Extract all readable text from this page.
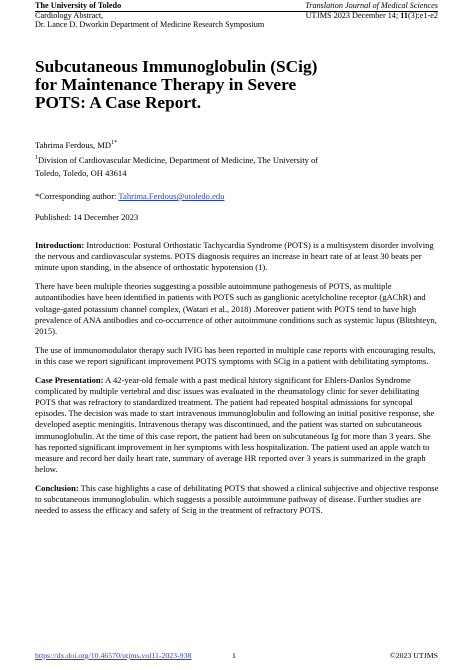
The University of Toledo
Cardiology Abstract,
Dr. Lance D. Dworkin Department of Medicine Research Symposium
Translation Journal of Medical Sciences
UTJMS 2023 December 14; 11(3):e1-e2
Subcutaneous Immunoglobulin (SCig) for Maintenance Therapy in Severe POTS: A Case Report.
Tahrima Ferdous, $MD^{1*}$

$^1$Division of Cardiovascular Medicine, Department of Medicine, The University of

Toledo, Toledo, OH 43614

*Corresponding author: Tahrima.Ferdous@utoledo.edu
Published: 14 December 2023

Introduction: Introduction: Postural Orthostatic Tachycardia Syndrome (POTS) is a multisystem disorder involving the nervous and cardiovascular systems. POTS diagnosis requires an increase in heart rate of at least 30 beats per minute upon standing, in the absence of orthostatic hypotension (1).

There have been multiple theories suggesting a possible autoimmune pathogenesis of POTS, as multiple autoantibodies have been identified in patients with POTS such as ganglionic acetylcholine receptor (gAChR) and voltage-gated potassium channel complex, (Watari et al., 2018) .Moreover patient with POTS tend to have high prevalence of ANA antibodies and co-occurrence of other autoimmune conditions such as systemic lupus (Blitshteyn, 2015).

The use of immunomodulator therapy such IVIG has been reported in multiple case reports with encouraging results, in this case we report significant improvement POTS symptoms with SCig in a patient with debilitating symptoms.

Case Presentation: A 42-year-old female with a past medical history significant for Ehlers-Danlos Syndrome complicated by multiple vertebral and disc issues was evaluated in the rheumatology clinic for sever debilitating POTS that was refractory to standardized treatment. The patient had repeated hospital admissions for syncopal episodes. The decision was made to start intravenous immunoglobulin and following an initial positive response, she developed aseptic meningitis. Intravenous therapy was discontinued, and the patient was started on subcutaneous immunoglobulin. At the time of this case report, the patient had been on subcutaneous Ig for more than 3 years. She has reported significant improvement in her symptoms with less hospitalization. The patient used an apple watch to measure and record her daily heart rate, summary of average HR reported over 3 years is summarized in the graph below.

Conclusion: This case highlights a case of debilitating POTS that showed a clinical subjective and objective response to subcutaneous immunoglobulin. which suggests a possible autoimmune pathway of disease. Further studies are needed to assess the efficacy and safety of Scig in the treatment of refractory POTS.

https://dx.doi.org/10.46570/utjms.vol11-2023-938	1	©2023 UTJMS
